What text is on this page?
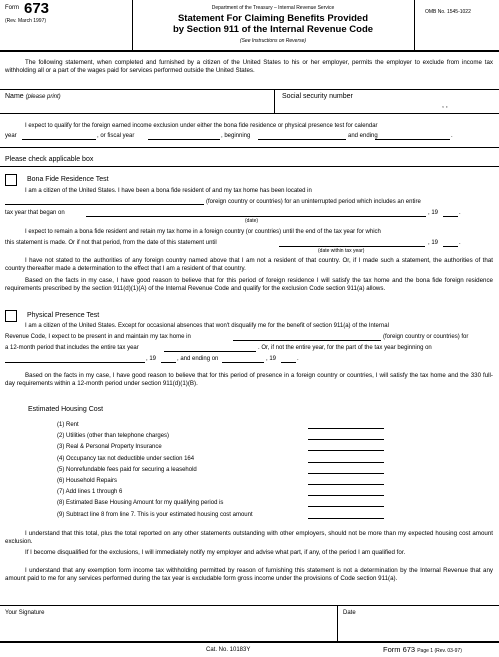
Form 673
(Rev. March 1997)
Department of the Treasury – Internal Revenue Service
Statement For Claiming Benefits Provided
by Section 911 of the Internal Revenue Code
(See Instructions on Reverse)
OMB No. 1545-1022
The following statement, when completed and furnished by a citizen of the United States to his or her employer, permits the employer to exclude from income tax withholding all or a part of the wages paid for services performed outside the United States.
Name (please print)	Social security number
, ,
I expect to qualify for the foreign earned income exclusion under either the bona fide residence or physical presence test for calendar
year	, or fiscal year	, beginning	and ending	.
Please check applicable box
Bona Fide Residence Test
I am a citizen of the United States. I have been a bona fide resident of and my tax home has been located in
(foreign country or countries) for an uninterrupted period which includes an entire
tax year that began on	, 19	.
(date)
I expect to remain a bona fide resident and retain my tax home in a foreign country (or countries) until the end of the tax year for which
this statement is made. Or if not that period, from the date of this statement until	, 19	.
(date within tax year)
I have not stated to the authorities of any foreign country named above that I am not a resident of that country. Or, if I made such a statement, the authorities of that country thereafter made a determination to the effect that I am a resident of that country.
Based on the facts in my case, I have good reason to believe that for this period of foreign residence I will satisfy the tax home and the bona fide foreign residence requirements prescribed by the section 911(d)(1)(A) of the Internal Revenue Code and qualify for the exclusion Code section 911(a) allows.
Physical Presence Test
I am a citizen of the United States. Except for occasional absences that won't disqualify me for the benefit of section 911(a) of the Internal
Revenue Code, I expect to be present in and maintain my tax home in	(foreign country or countries) for
a 12-month period that includes the entire tax year	. Or, if not the entire year, for the part of the tax year beginning on
, 19	, and ending on	, 19	.
Based on the facts in my case, I have good reason to believe that for this period of presence in a foreign country or countries, I will satisfy the tax home and the 330 full-day requirements within a 12-month period under section 911(d)(1)(B).
Estimated Housing Cost
(1) Rent
(2) Utilities (other than telephone charges)
(3) Real & Personal Property Insurance
(4) Occupancy tax not deductible under section 164
(5) Nonrefundable fees paid for securing a leasehold
(6) Household Repairs
(7) Add lines 1 through 6
(8) Estimated Base Housing Amount for my qualifying period is
(9) Subtract line 8 from line 7. This is your estimated housing cost amount
I understand that this total, plus the total reported on any other statements outstanding with other employers, should not be more than my expected housing cost amount exclusion.
If I become disqualified for the exclusions, I will immediately notify my employer and advise what part, if any, of the period I am qualified for.
I understand that any exemption form income tax withholding permitted by reason of furnishing this statement is not a determination by the Internal Revenue that any amount paid to me for any services performed during the tax year is excludable form gross income under the provisions of Code section 911(a).
Your Signature	Date
Cat. No. 10183Y	Form 673 Page 1 (Rev. 03-97)
